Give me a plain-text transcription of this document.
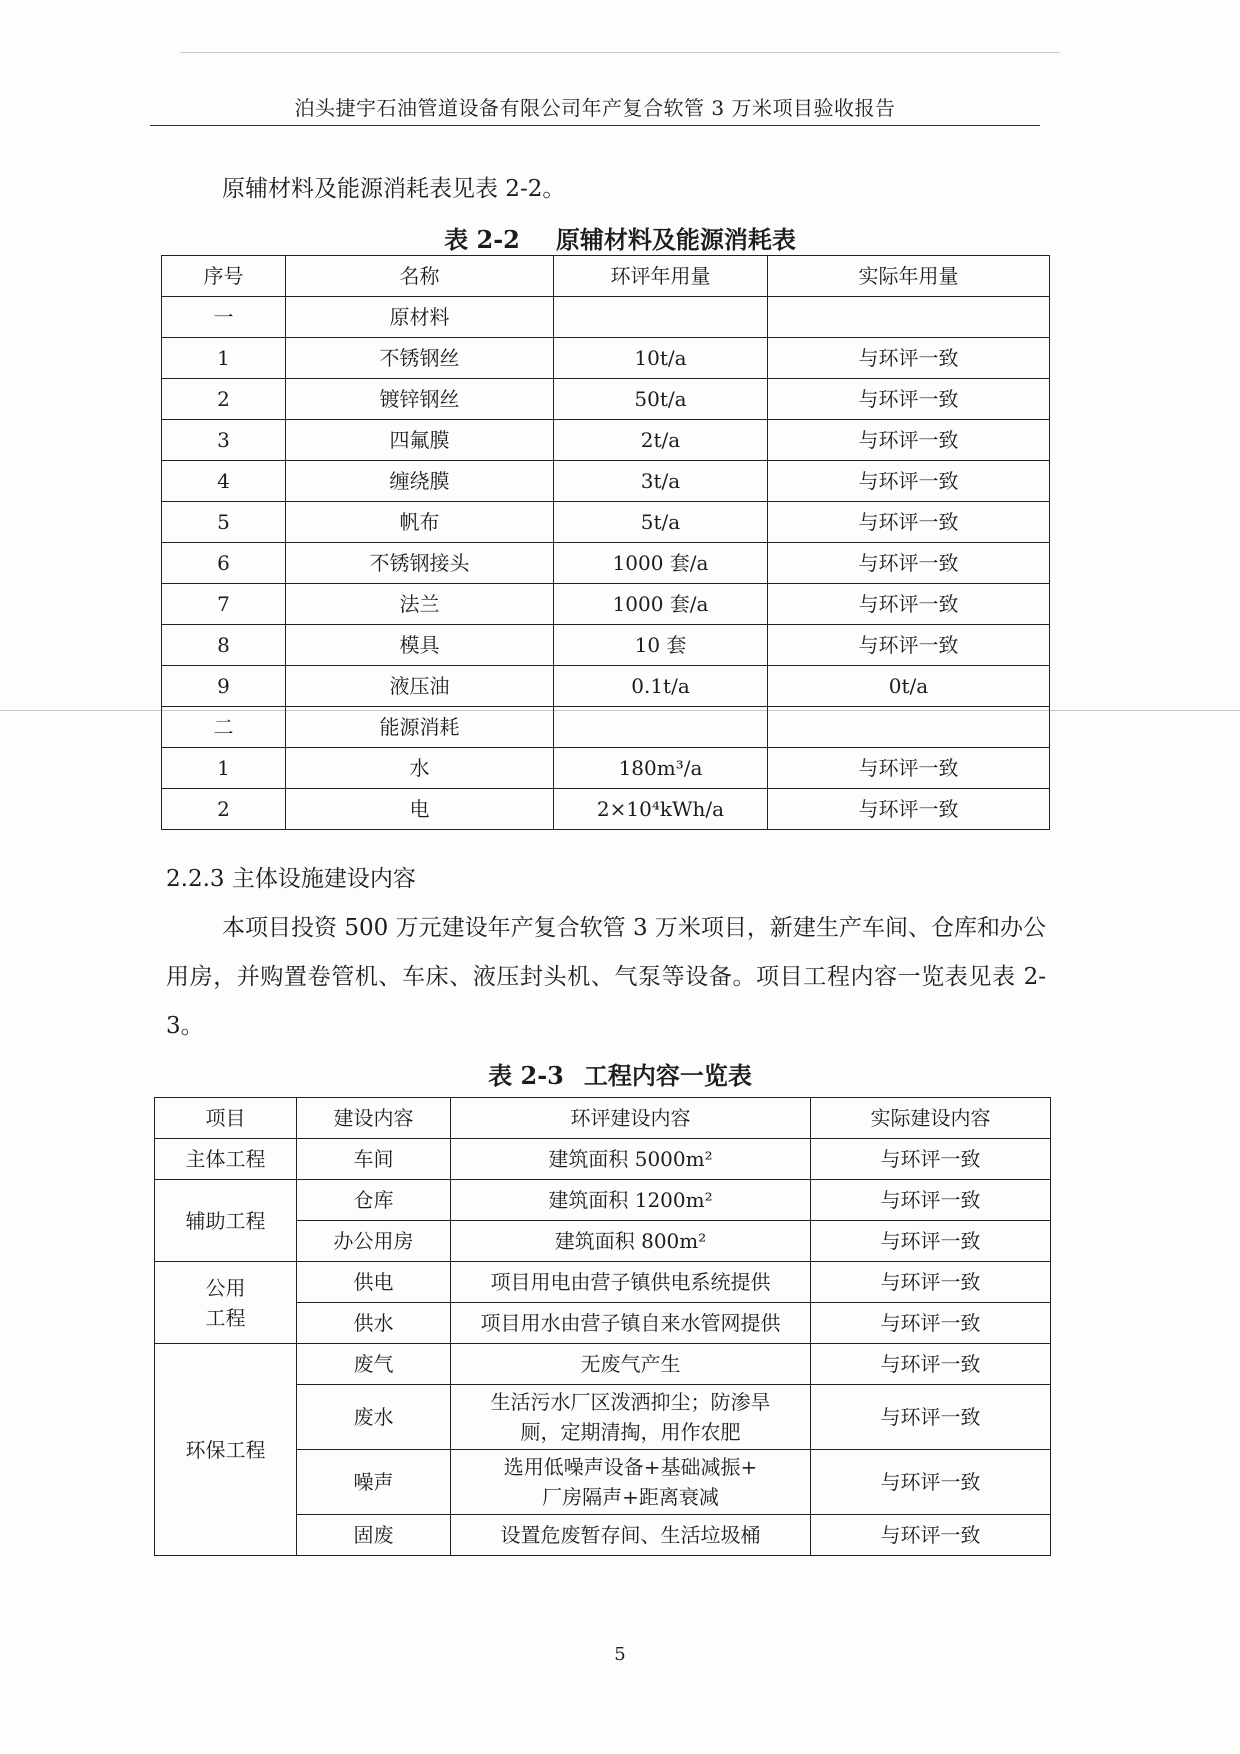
泊头捷宇石油管道设备有限公司年产复合软管 3 万米项目验收报告
原辅材料及能源消耗表见表 2-2。
表 2-2 原辅材料及能源消耗表
序号	名称	环评年用量	实际年用量
一	原材料		
1	不锈钢丝	10t/a	与环评一致
2	镀锌钢丝	50t/a	与环评一致
3	四氟膜	2t/a	与环评一致
4	缠绕膜	3t/a	与环评一致
5	帆布	5t/a	与环评一致
6	不锈钢接头	1000 套/a	与环评一致
7	法兰	1000 套/a	与环评一致
8	模具	10 套	与环评一致
9	液压油	0.1t/a	0t/a
二	能源消耗		
1	水	180m³/a	与环评一致
2	电	2×10⁴kWh/a	与环评一致
2.2.3 主体设施建设内容
本项目投资 500 万元建设年产复合软管 3 万米项目，新建生产车间、仓库和办公用房，并购置卷管机、车床、液压封头机、气泵等设备。项目工程内容一览表见表 2-3。
表 2-3 工程内容一览表
项目	建设内容	环评建设内容	实际建设内容
主体工程	车间	建筑面积 5000m²	与环评一致
辅助工程	仓库	建筑面积 1200m²	与环评一致
	办公用房	建筑面积 800m²	与环评一致
公用
工程	供电	项目用电由营子镇供电系统提供	与环评一致
	供水	项目用水由营子镇自来水管网提供	与环评一致
环保工程	废气	无废气产生	与环评一致
	废水	生活污水厂区泼洒抑尘；防渗旱
厕，定期清掏，用作农肥	与环评一致
	噪声	选用低噪声设备+基础减振+
厂房隔声+距离衰减	与环评一致
	固废	设置危废暂存间、生活垃圾桶	与环评一致
5
